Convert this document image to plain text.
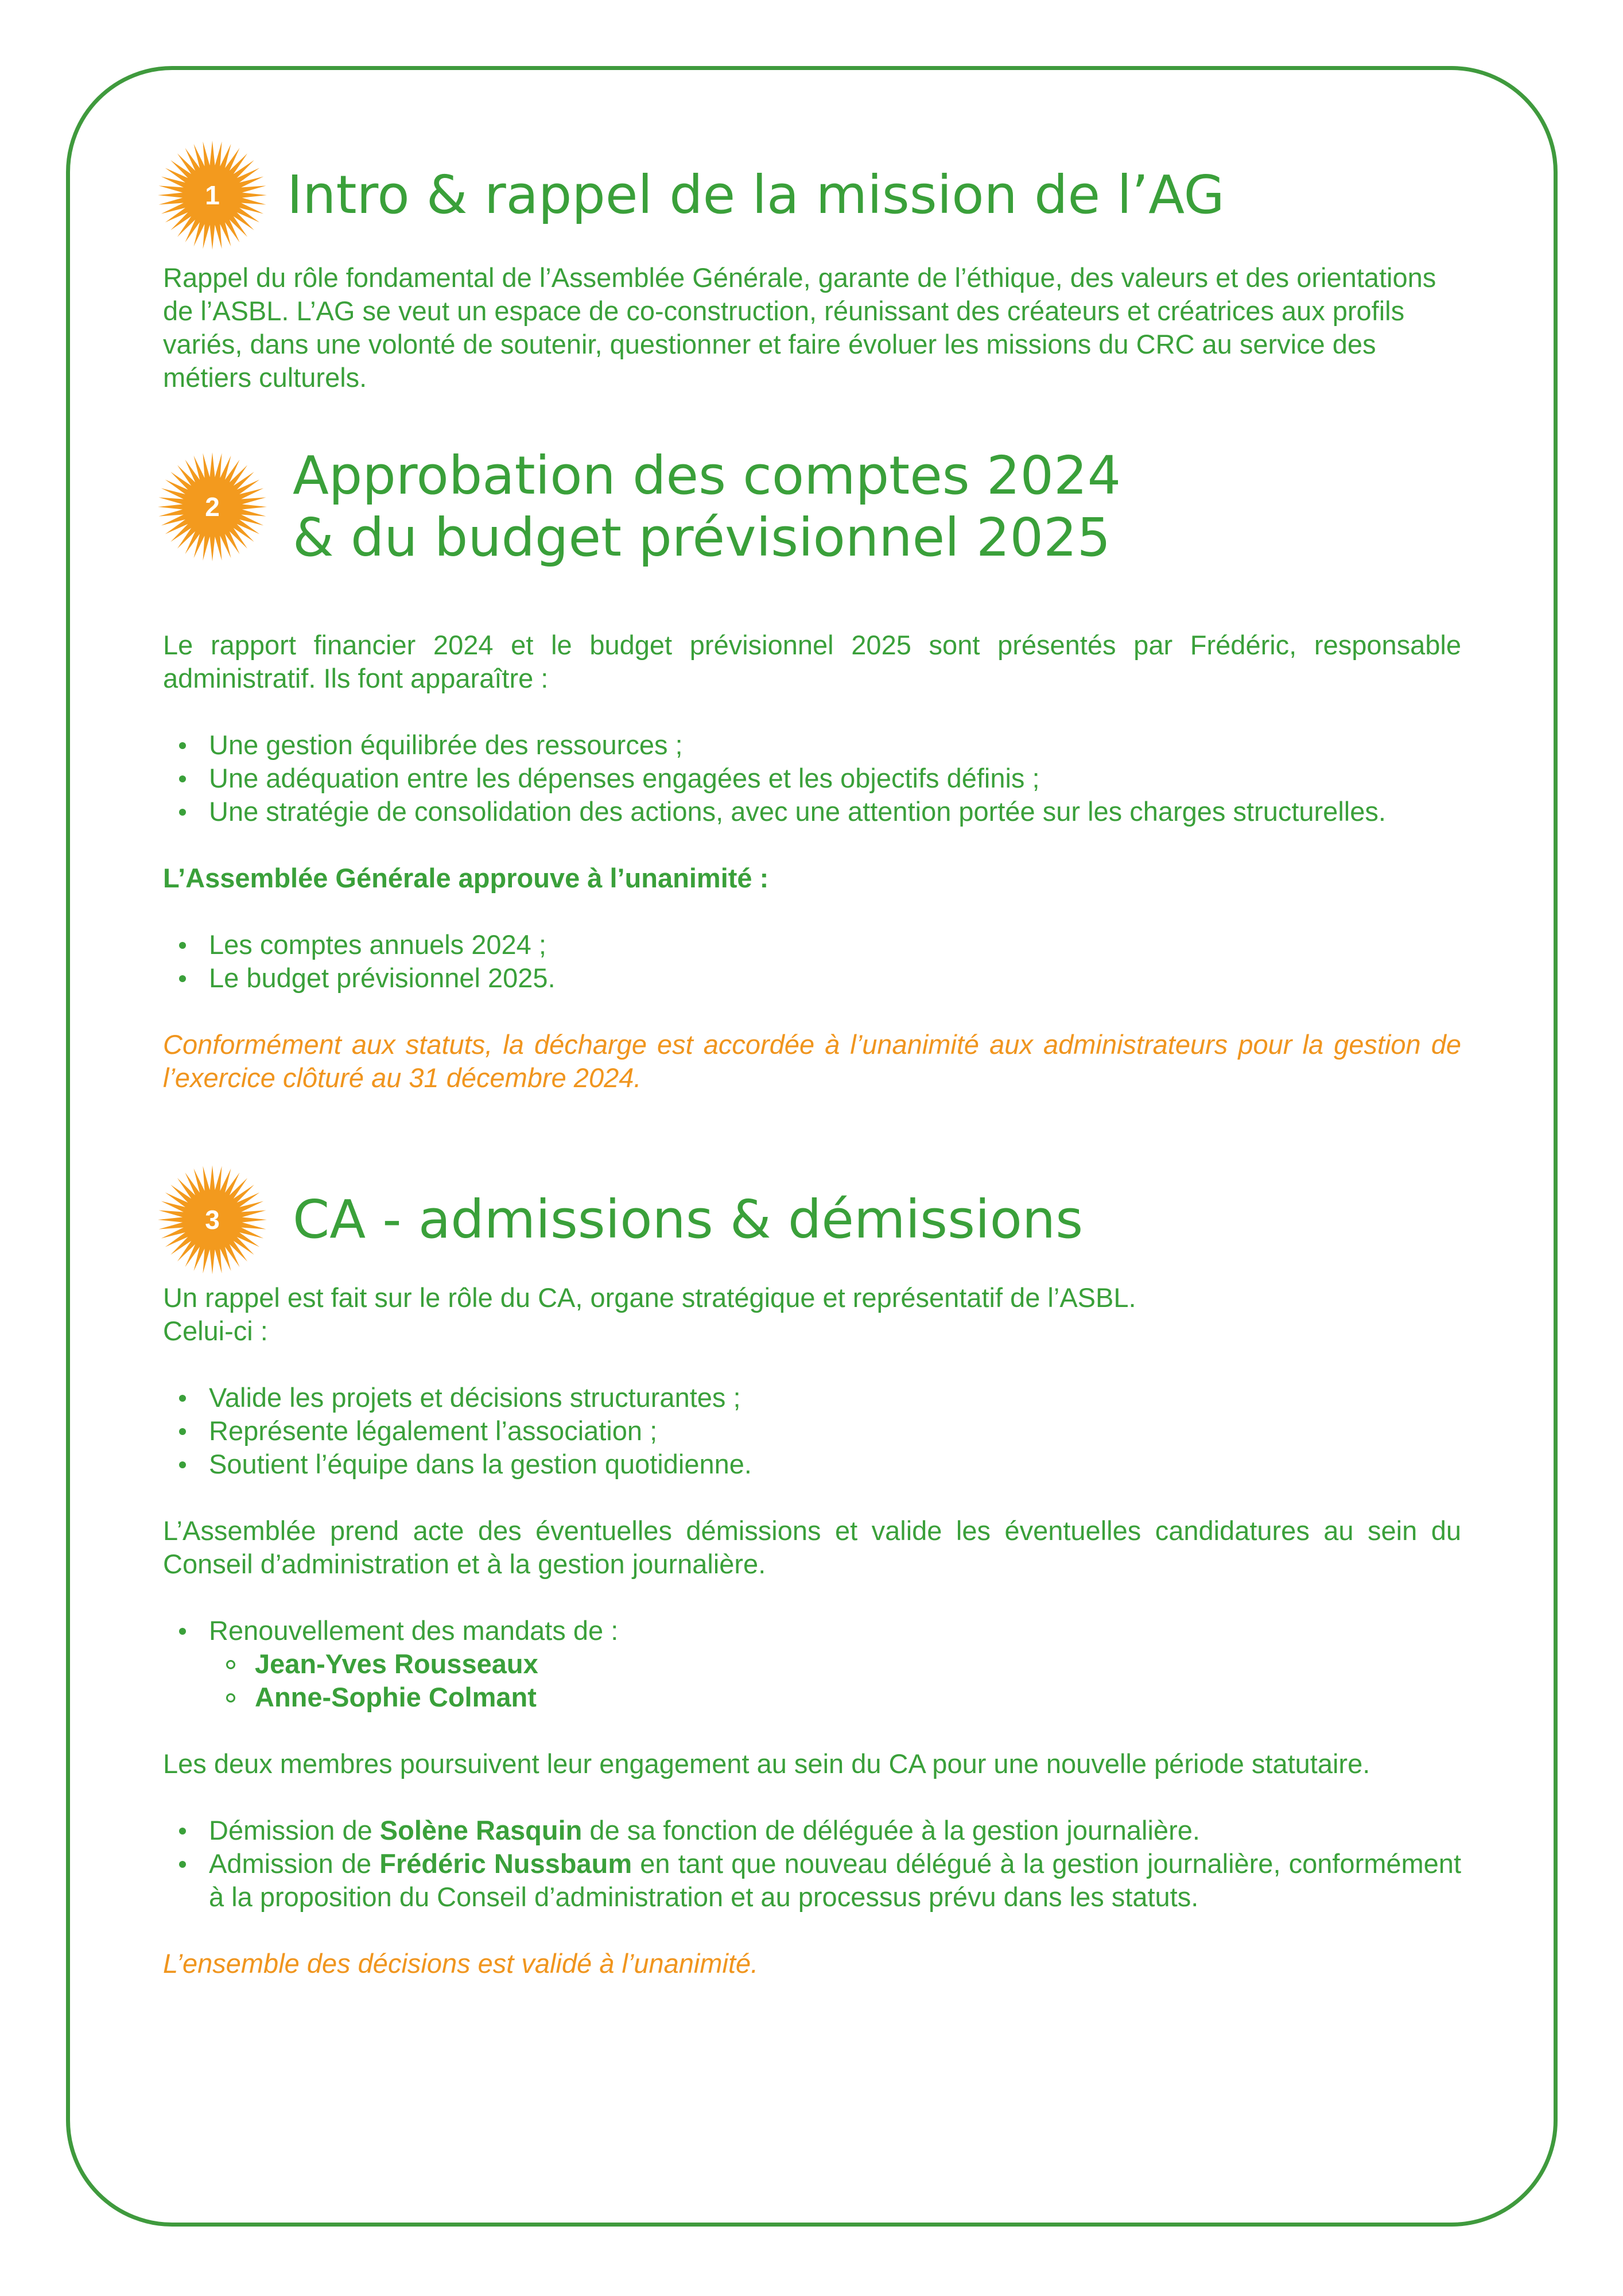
1	Intro & rappel de la mission de l’AG

Rappel du rôle fondamental de l’Assemblée Générale, garante de l’éthique, des valeurs et des orientations de l’ASBL. L’AG se veut un espace de co-construction, réunissant des créateurs et créatrices aux profils variés, dans une volonté de soutenir, questionner et faire évoluer les missions du CRC au service des métiers culturels.

2
Approbation des comptes 2024
& du budget prévisionnel 2025

Le rapport financier 2024 et le budget prévisionnel 2025 sont présentés par Frédéric, responsable administratif. Ils font apparaître :

Une gestion équilibrée des ressources ;
Une adéquation entre les dépenses engagées et les objectifs définis ;
Une stratégie de consolidation des actions, avec une attention portée sur les charges structurelles.

L’Assemblée Générale approuve à l’unanimité :

Les comptes annuels 2024 ;
Le budget prévisionnel 2025.

Conformément aux statuts, la décharge est accordée à l’unanimité aux administrateurs pour la gestion de l’exercice clôturé au 31 décembre 2024.

3	CA - admissions & démissions

Un rappel est fait sur le rôle du CA, organe stratégique et représentatif de l’ASBL.

Celui-ci :

Valide les projets et décisions structurantes ;
Représente légalement l’association ;
Soutient l’équipe dans la gestion quotidienne.

L’Assemblée prend acte des éventuelles démissions et valide les éventuelles candidatures au sein du Conseil d’administration et à la gestion journalière.

Renouvellement des mandats de :
Jean-Yves Rousseaux
Anne-Sophie Colmant

Les deux membres poursuivent leur engagement au sein du CA pour une nouvelle période statutaire.

Démission de Solène Rasquin de sa fonction de déléguée à la gestion journalière.
Admission de Frédéric Nussbaum en tant que nouveau délégué à la gestion journalière, conformément à la proposition du Conseil d’administration et au processus prévu dans les statuts.

L’ensemble des décisions est validé à l’unanimité.
